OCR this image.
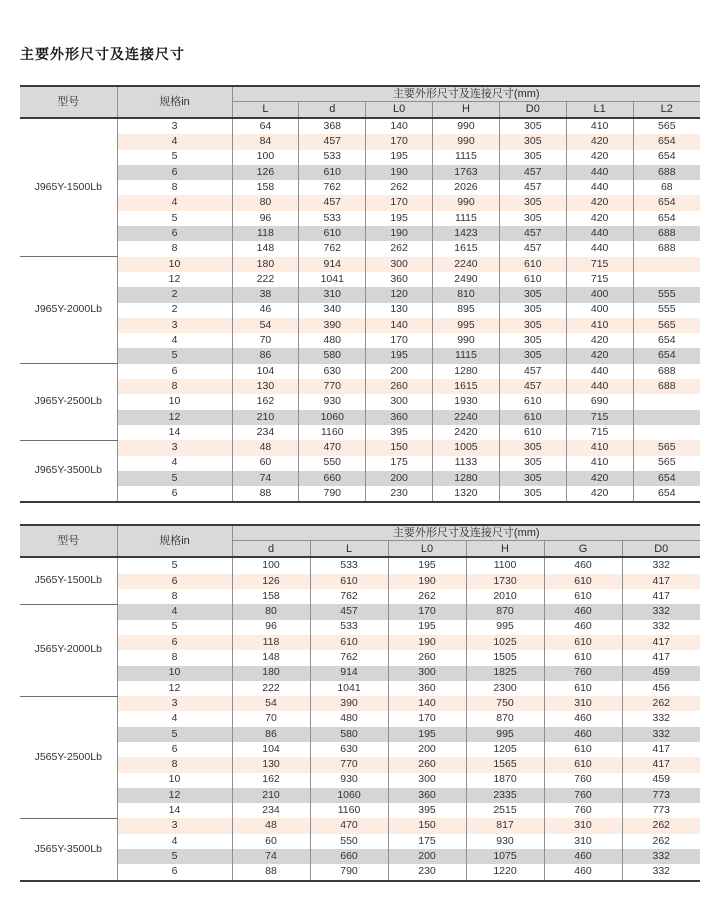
主要外形尺寸及连接尺寸
型号	规格in	主要外形尺寸及连接尺寸(mm)						
		L	d	L0	H	D0	L1	L2
J965Y-1500Lb	3	64	368	140	990	305	410	565
	4	84	457	170	990	305	420	654
	5	100	533	195	1115	305	420	654
	6	126	610	190	1763	457	440	688
	8	158	762	262	2026	457	440	68
	4	80	457	170	990	305	420	654
	5	96	533	195	1115	305	420	654
	6	118	610	190	1423	457	440	688
	8	148	762	262	1615	457	440	688
J965Y-2000Lb	10	180	914	300	2240	610	715	
	12	222	1041	360	2490	610	715	
	2	38	310	120	810	305	400	555
	2	46	340	130	895	305	400	555
	3	54	390	140	995	305	410	565
	4	70	480	170	990	305	420	654
	5	86	580	195	1115	305	420	654
J965Y-2500Lb	6	104	630	200	1280	457	440	688
	8	130	770	260	1615	457	440	688
	10	162	930	300	1930	610	690	
	12	210	1060	360	2240	610	715	
	14	234	1160	395	2420	610	715	
J965Y-3500Lb	3	48	470	150	1005	305	410	565
	4	60	550	175	1133	305	410	565
	5	74	660	200	1280	305	420	654
	6	88	790	230	1320	305	420	654
型号	规格in	主要外形尺寸及连接尺寸(mm)					
		d	L	L0	H	G	D0
J565Y-1500Lb	5	100	533	195	1100	460	332
	6	126	610	190	1730	610	417
	8	158	762	262	2010	610	417
J565Y-2000Lb	4	80	457	170	870	460	332
	5	96	533	195	995	460	332
	6	118	610	190	1025	610	417
	8	148	762	260	1505	610	417
	10	180	914	300	1825	760	459
	12	222	1041	360	2300	610	456
J565Y-2500Lb	3	54	390	140	750	310	262
	4	70	480	170	870	460	332
	5	86	580	195	995	460	332
	6	104	630	200	1205	610	417
	8	130	770	260	1565	610	417
	10	162	930	300	1870	760	459
	12	210	1060	360	2335	760	773
	14	234	1160	395	2515	760	773
J565Y-3500Lb	3	48	470	150	817	310	262
	4	60	550	175	930	310	262
	5	74	660	200	1075	460	332
	6	88	790	230	1220	460	332
